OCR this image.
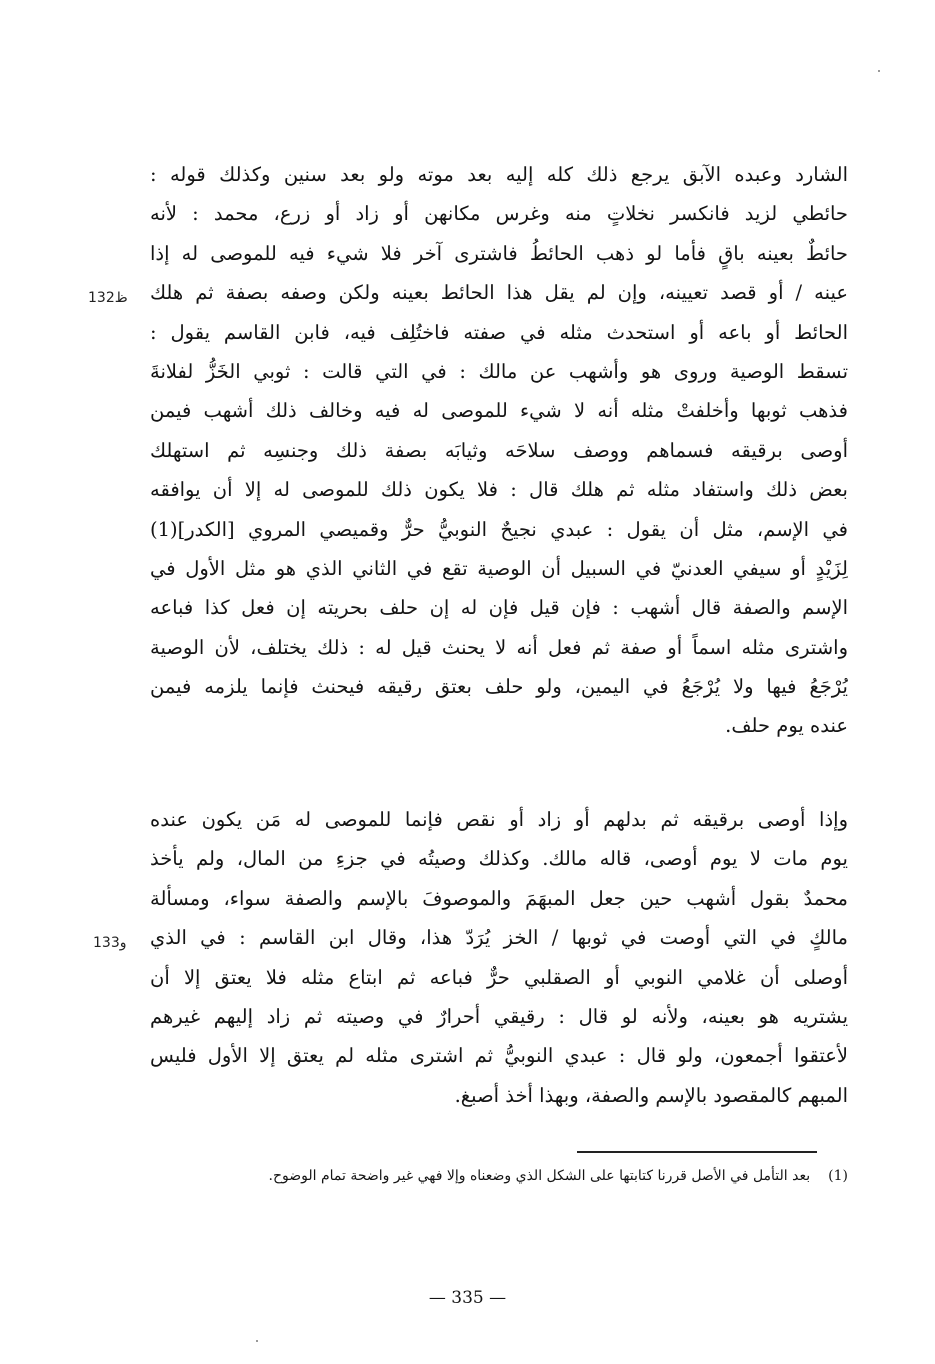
132ظ
133و
الشارد وعبده الآبق يرجع ذلك كله إليه بعد موته ولو بعد سنين وكذلك قوله :
حائطي لزيد فانكسر نخلاتٍ منه وغرس مكانهن أو زاد أو زرع، محمد : لأنه
حائطٌ بعينه باقٍ فأما لو ذهب الحائطُ فاشترى آخر فلا شيء فيه للموصى له إذا
عينه / أو قصد تعيينه، وإن لم يقل هذا الحائط بعينه ولكن وصفه بصفة ثم هلك
الحائط أو باعه أو استحدث مثله في صفته فاختُلِف فيه، فابن القاسم يقول :
تسقط الوصية وروى هو وأشهب عن مالك : في التي قالت : ثوبي الخَزُّ لفلانةَ
فذهب ثوبها وأخلفتْ مثله أنه لا شيء للموصى له فيه وخالف ذلك أشهب فيمن
أوصى برقيقه فسماهم ووصف سلاحَه وثيابَه بصفة ذلك وجنسِه ثم استهلك
بعض ذلك واستفاد مثله ثم هلك قال : فلا يكون ذلك للموصى له إلا أن يوافقه
في الإسم، مثل أن يقول : عبدي نجيحٌ النوبيُّ حرٌّ وقميصي المروي [الكدر](1)
لِزَيْدٍ أو سيفي العدنيّ في السبيل أن الوصية تقع في الثاني الذي هو مثل الأول في
الإسم والصفة قال أشهب : فإن قيل فإن له إن حلف بحريته إن فعل كذا فباعه
واشترى مثله اسماً أو صفة ثم فعل أنه لا يحنث قيل له : ذلك يختلف، لأن الوصية
يُرْجَعُ فيها ولا يُرْجَعُ في اليمين، ولو حلف بعتق رقيقه فيحنث فإنما يلزمه فيمن
عنده يوم حلف.
وإذا أوصى برقيقه ثم بدلهم أو زاد أو نقص فإنما للموصى له مَن يكون عنده
يوم مات لا يوم أوصى، قاله مالك. وكذلك وصيتُه في جزءِ من المال، ولم يأخذ
محمدٌ بقول أشهب حين جعل المبهَمَ والموصوفَ بالإسم والصفة سواء، ومسألة
مالكٍ في التي أوصت في ثوبها / الخز يُرَدّ هذا، وقال ابن القاسم : في الذي
أوصلى أن غلامي النوبي أو الصقلبي حرٌّ فباعه ثم ابتاع مثله فلا يعتق إلا أن
يشتريه هو بعينه، ولأنه لو قال : رقيقي أحرارٌ في وصيته ثم زاد إليهم غيرهم
لأعتقوا أجمعون، ولو قال : عبدي النوبيُّ ثم اشترى مثله لم يعتق إلا الأول فليس
المبهم كالمقصود بالإسم والصفة، وبهذا أخذ أصبغ.
(1)بعد التأمل في الأصل قررنا كتابتها على الشكل الذي وضعناه وإلا فهي غير واضحة تمام الوضوح.
— 335 —
